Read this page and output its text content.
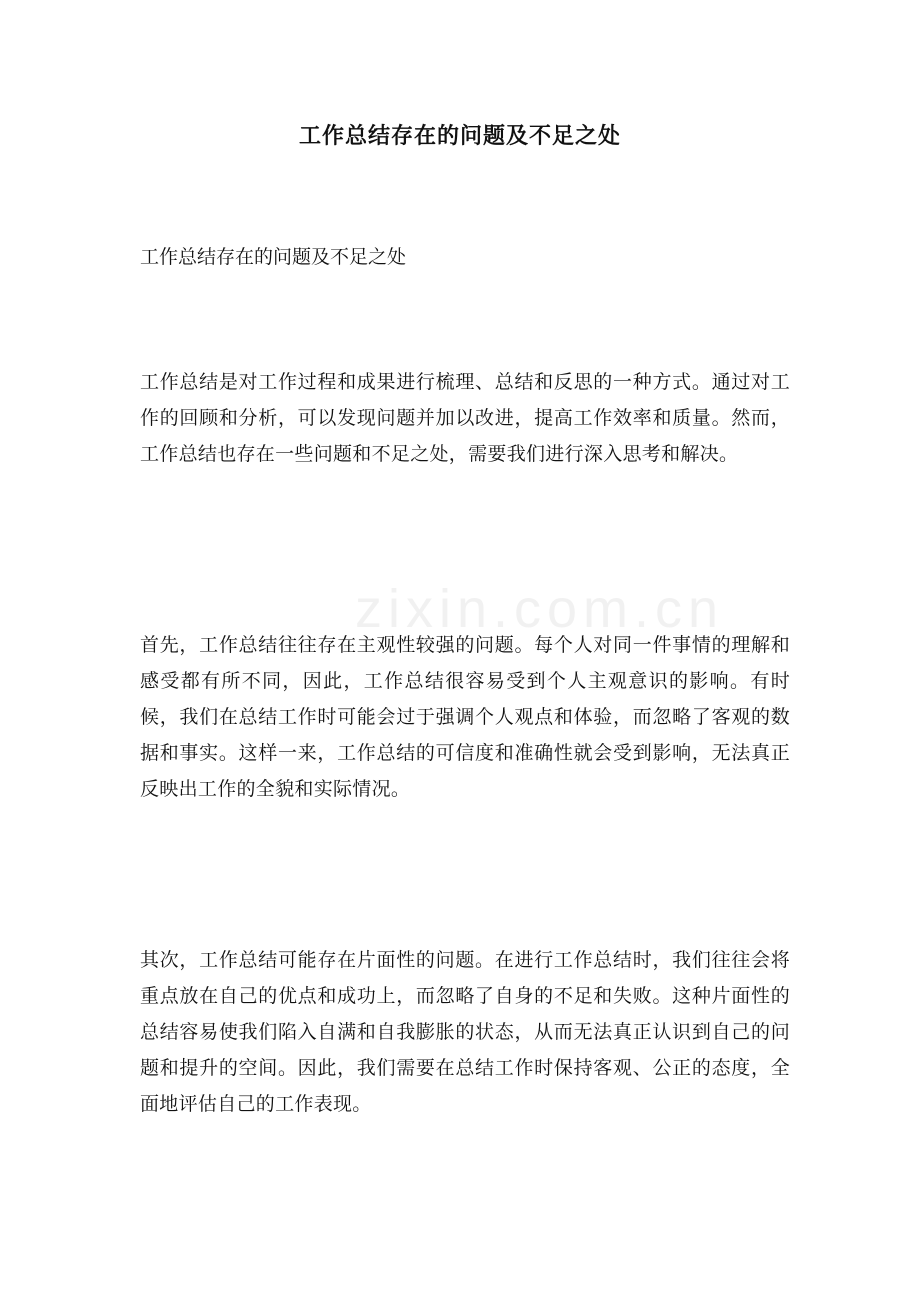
工作总结存在的问题及不足之处

工作总结存在的问题及不足之处

工作总结是对工作过程和成果进行梳理、总结和反思的一种方式。通过对工作的回顾和分析，可以发现问题并加以改进，提高工作效率和质量。然而，工作总结也存在一些问题和不足之处，需要我们进行深入思考和解决。

首先，工作总结往往存在主观性较强的问题。每个人对同一件事情的理解和感受都有所不同，因此，工作总结很容易受到个人主观意识的影响。有时候，我们在总结工作时可能会过于强调个人观点和体验，而忽略了客观的数据和事实。这样一来，工作总结的可信度和准确性就会受到影响，无法真正反映出工作的全貌和实际情况。

其次，工作总结可能存在片面性的问题。在进行工作总结时，我们往往会将重点放在自己的优点和成功上，而忽略了自身的不足和失败。这种片面性的总结容易使我们陷入自满和自我膨胀的状态，从而无法真正认识到自己的问题和提升的空间。因此，我们需要在总结工作时保持客观、公正的态度，全面地评估自己的工作表现。

zixin.com.cn
